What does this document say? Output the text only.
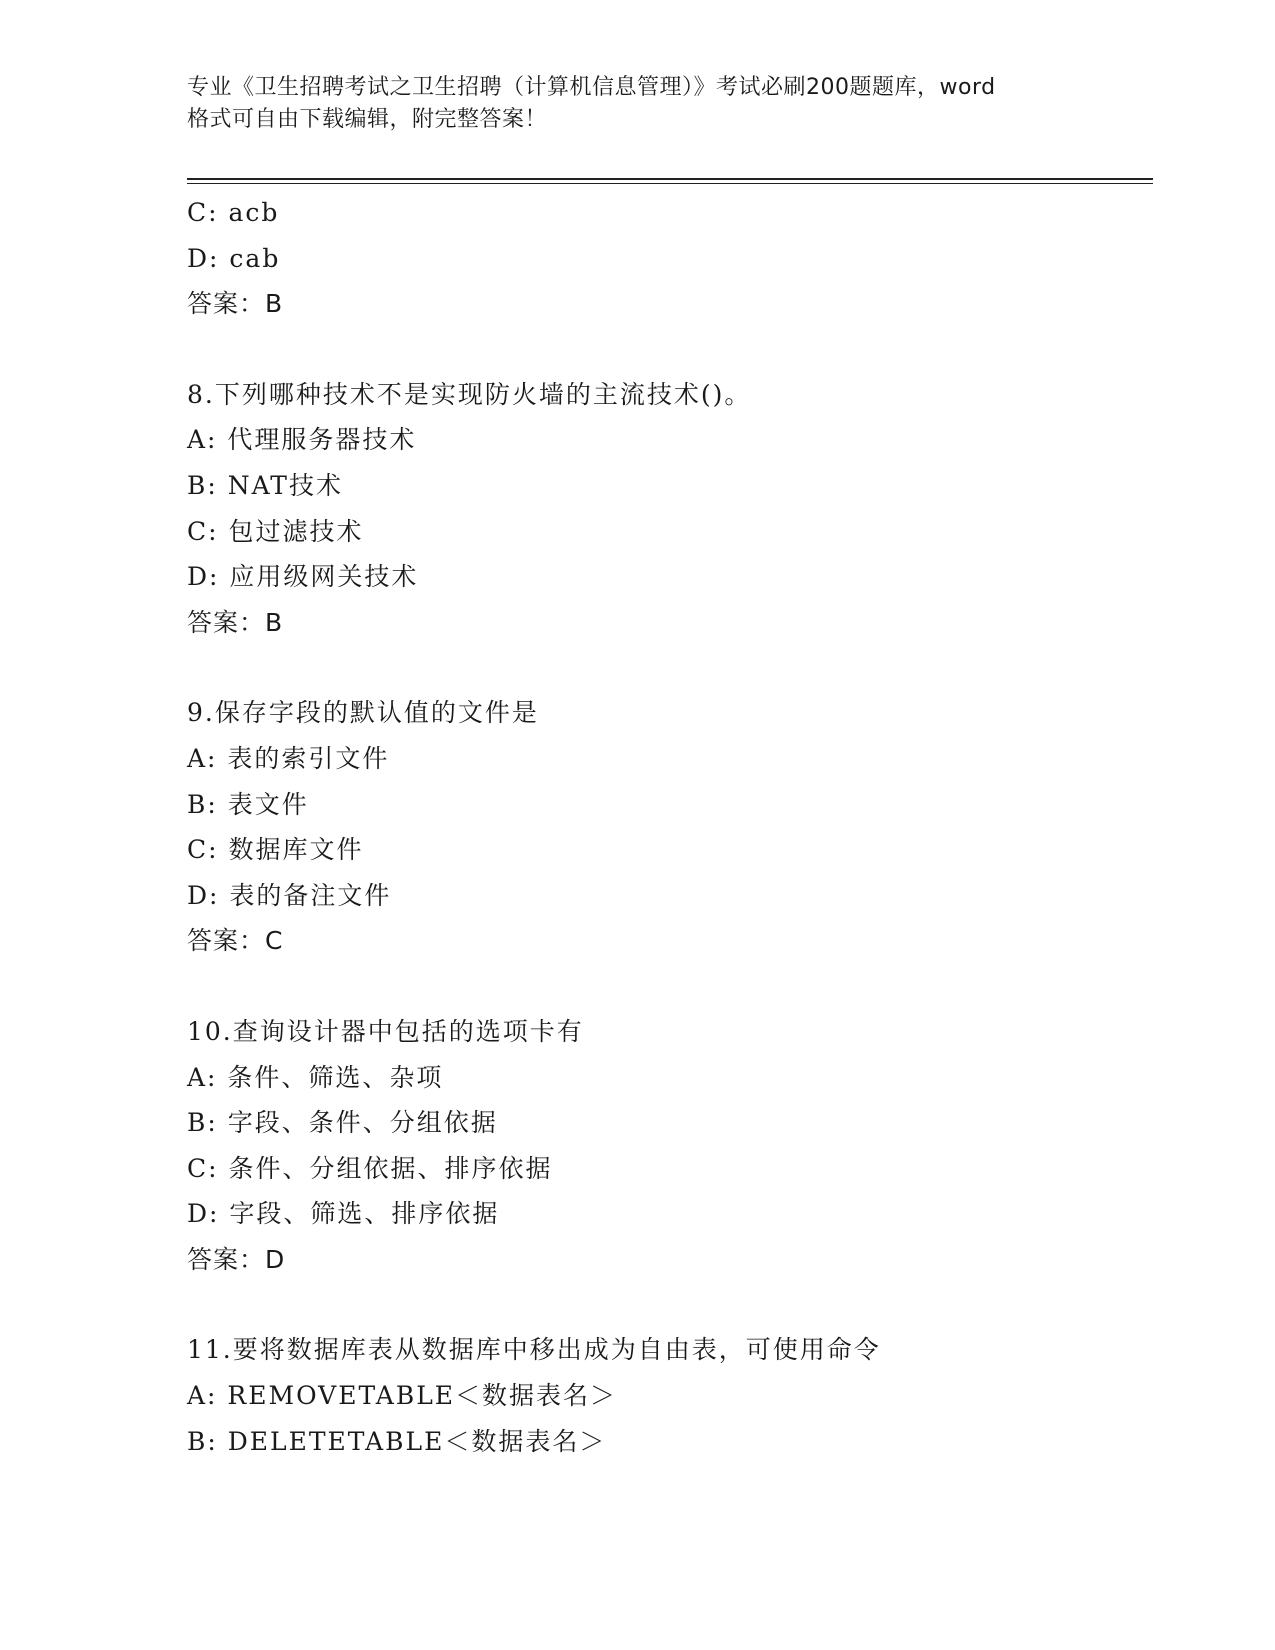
专业《卫生招聘考试之卫生招聘（计算机信息管理）》考试必刷200题题库，word
格式可自由下载编辑，附完整答案！
C: acb
D: cab
答案：B
8.下列哪种技术不是实现防火墙的主流技术()。
A: 代理服务器技术
B: NAT技术
C: 包过滤技术
D: 应用级网关技术
答案：B
9.保存字段的默认值的文件是
A: 表的索引文件
B: 表文件
C: 数据库文件
D: 表的备注文件
答案：C
10.查询设计器中包括的选项卡有
A: 条件、筛选、杂项
B: 字段、条件、分组依据
C: 条件、分组依据、排序依据
D: 字段、筛选、排序依据
答案：D
11.要将数据库表从数据库中移出成为自由表，可使用命令
A: REMOVETABLE＜数据表名＞
B: DELETETABLE＜数据表名＞
